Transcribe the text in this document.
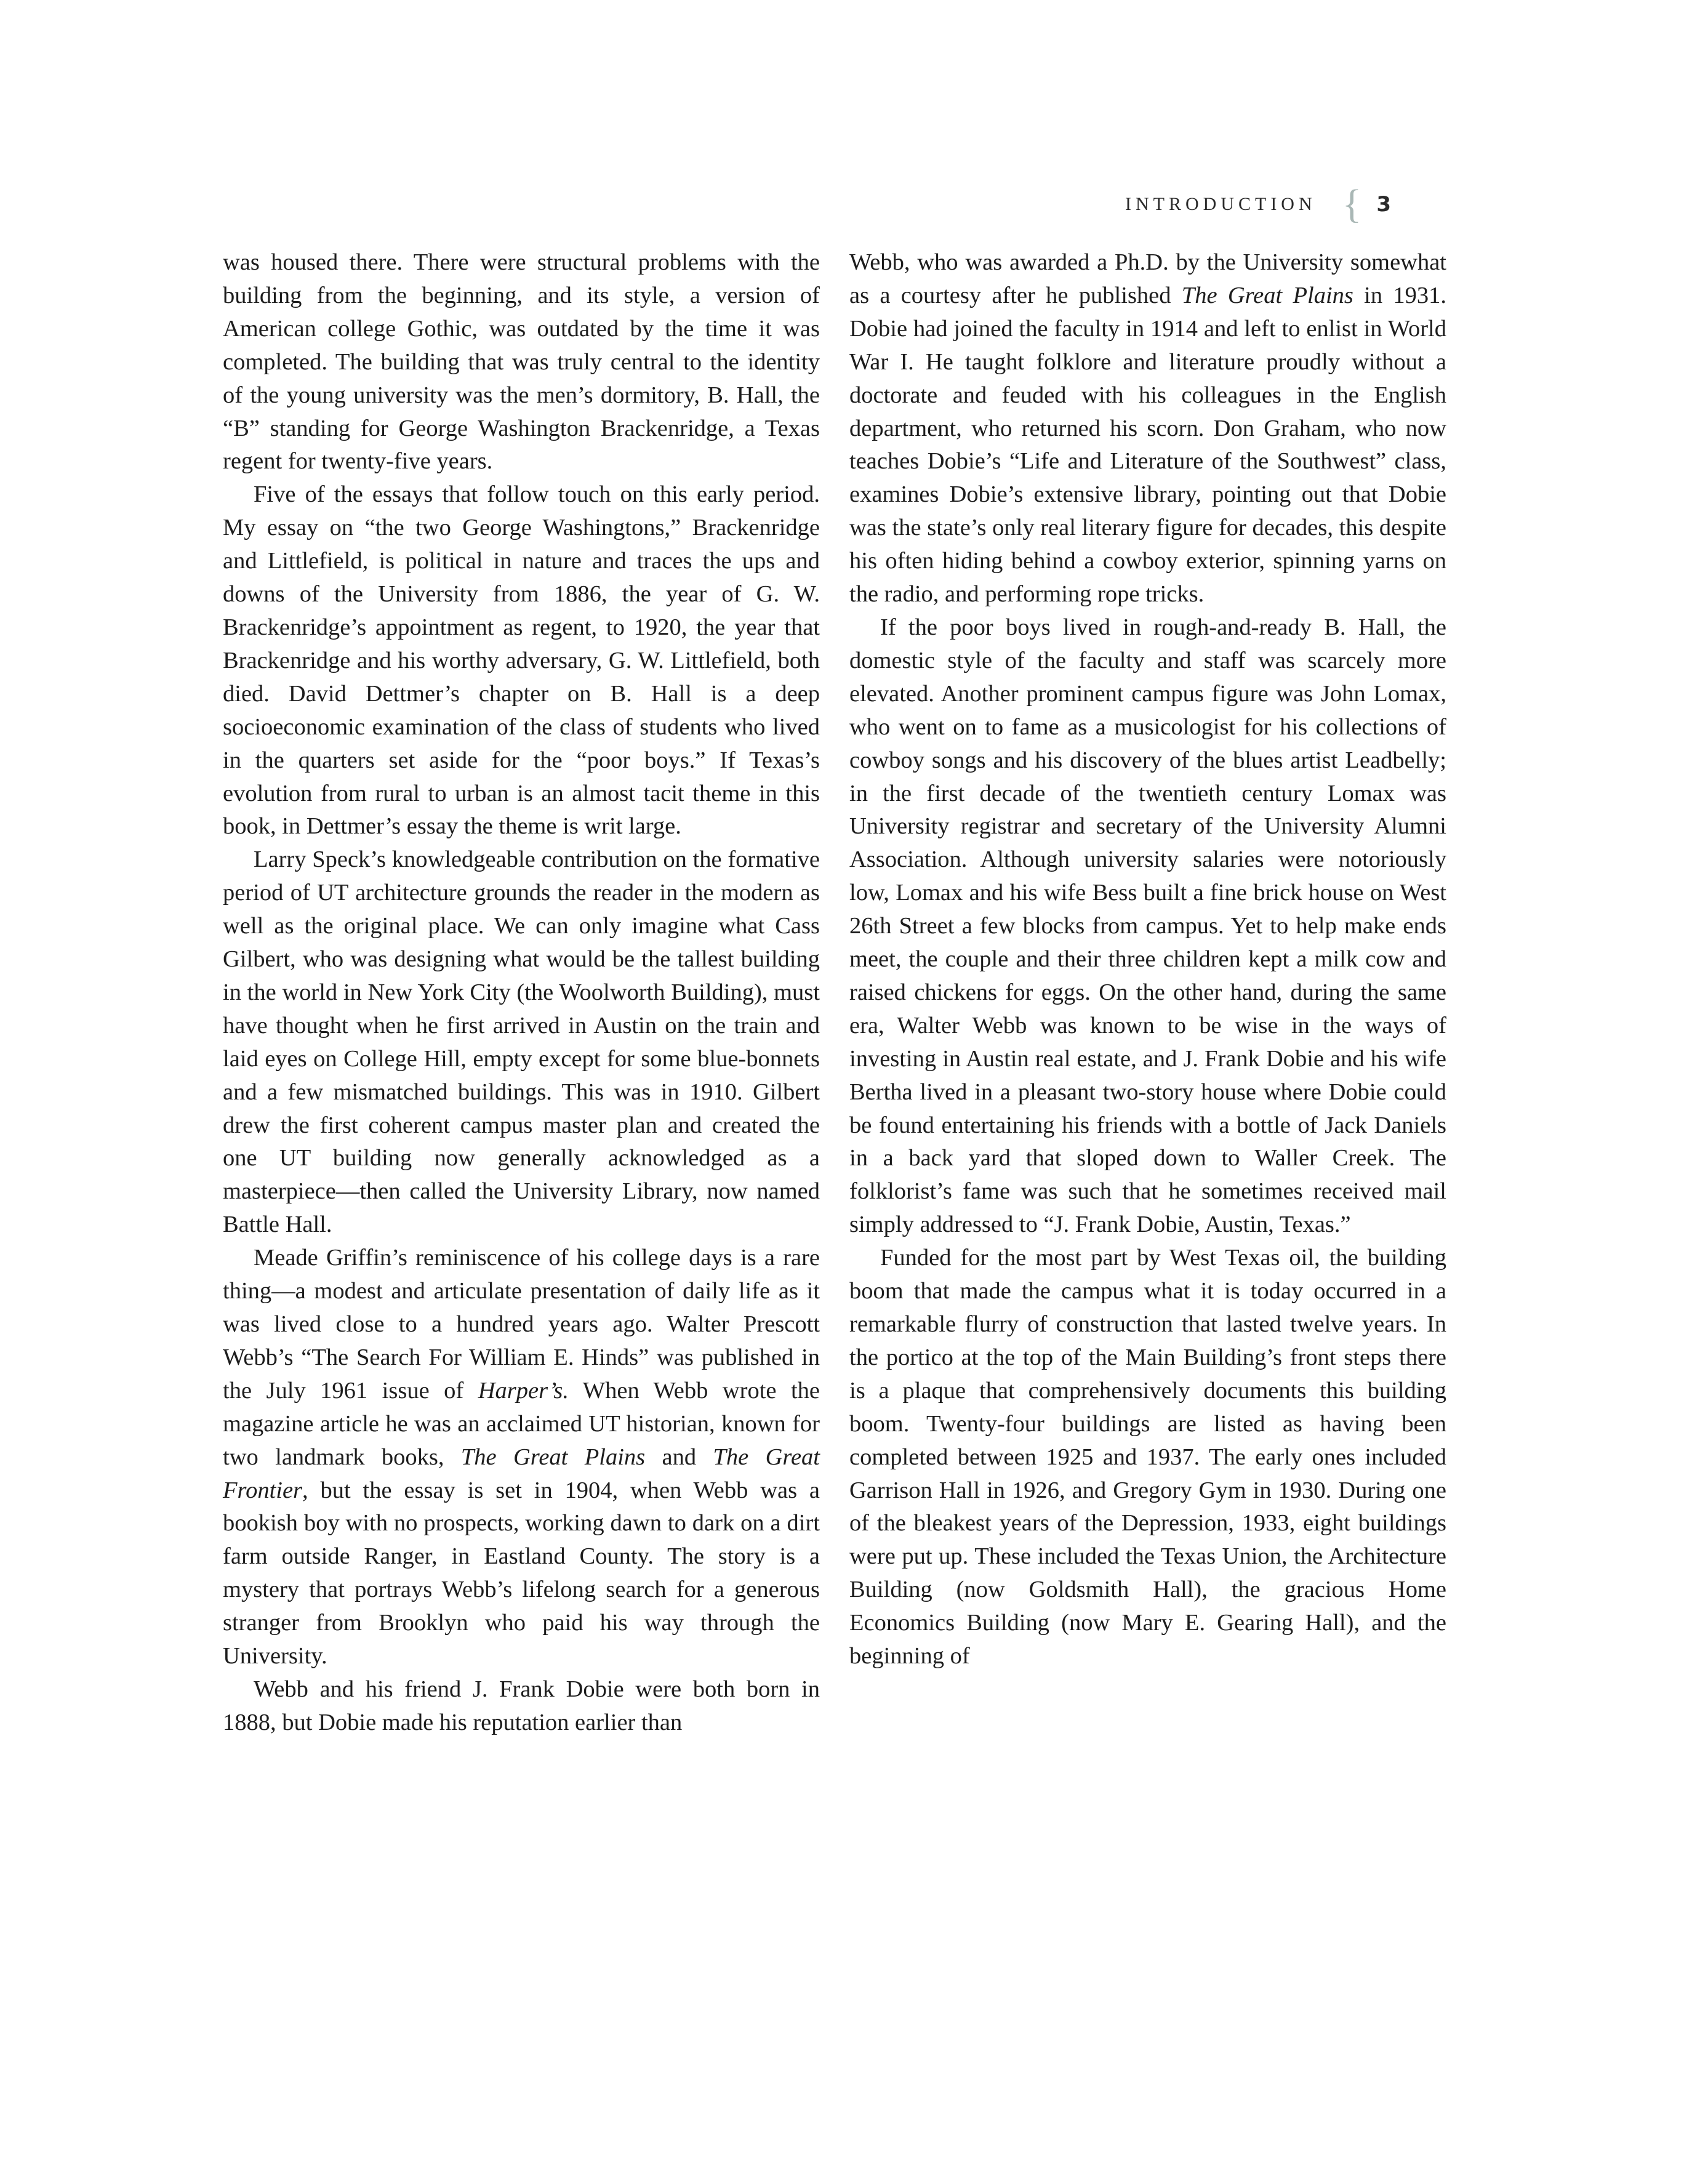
INTRODUCTION { 3

was housed there. There were structural problems with the building from the beginning, and its style, a version of American college Gothic, was outdated by the time it was completed. The building that was truly central to the identity of the young university was the men’s dormitory, B. Hall, the “B” standing for George Washington Brackenridge, a Texas regent for twenty-five years.

Five of the essays that follow touch on this early period. My essay on “the two George Washingtons,” Brackenridge and Littlefield, is political in nature and traces the ups and downs of the University from 1886, the year of G. W. Brackenridge’s appointment as regent, to 1920, the year that Brackenridge and his worthy adversary, G. W. Littlefield, both died. David Dettmer’s chapter on B. Hall is a deep socioeconomic examination of the class of students who lived in the quarters set aside for the “poor boys.” If Texas’s evolution from rural to urban is an almost tacit theme in this book, in Dettmer’s essay the theme is writ large.

Larry Speck’s knowledgeable contribution on the formative period of UT architecture grounds the reader in the modern as well as the original place. We can only imagine what Cass Gilbert, who was designing what would be the tallest building in the world in New York City (the Woolworth Building), must have thought when he first arrived in Austin on the train and laid eyes on College Hill, empty except for some blue-bonnets and a few mismatched buildings. This was in 1910. Gilbert drew the first coherent campus master plan and created the one UT building now generally acknowledged as a masterpiece—then called the University Library, now named Battle Hall.

Meade Griffin’s reminiscence of his college days is a rare thing—a modest and articulate presentation of daily life as it was lived close to a hundred years ago. Walter Prescott Webb’s “The Search For William E. Hinds” was published in the July 1961 issue of Harper’s. When Webb wrote the magazine article he was an acclaimed UT historian, known for two landmark books, The Great Plains and The Great Frontier, but the essay is set in 1904, when Webb was a bookish boy with no prospects, working dawn to dark on a dirt farm outside Ranger, in Eastland County. The story is a mystery that portrays Webb’s lifelong search for a generous stranger from Brooklyn who paid his way through the University.

Webb and his friend J. Frank Dobie were both born in 1888, but Dobie made his reputation earlier than

Webb, who was awarded a Ph.D. by the University somewhat as a courtesy after he published The Great Plains in 1931. Dobie had joined the faculty in 1914 and left to enlist in World War I. He taught folklore and literature proudly without a doctorate and feuded with his colleagues in the English department, who returned his scorn. Don Graham, who now teaches Dobie’s “Life and Literature of the Southwest” class, examines Dobie’s extensive library, pointing out that Dobie was the state’s only real literary figure for decades, this despite his often hiding behind a cowboy exterior, spinning yarns on the radio, and performing rope tricks.

If the poor boys lived in rough-and-ready B. Hall, the domestic style of the faculty and staff was scarcely more elevated. Another prominent campus figure was John Lomax, who went on to fame as a musicologist for his collections of cowboy songs and his discovery of the blues artist Leadbelly; in the first decade of the twentieth century Lomax was University registrar and secretary of the University Alumni Association. Although university salaries were notoriously low, Lomax and his wife Bess built a fine brick house on West 26th Street a few blocks from campus. Yet to help make ends meet, the couple and their three children kept a milk cow and raised chickens for eggs. On the other hand, during the same era, Walter Webb was known to be wise in the ways of investing in Austin real estate, and J. Frank Dobie and his wife Bertha lived in a pleasant two-story house where Dobie could be found entertaining his friends with a bottle of Jack Daniels in a back yard that sloped down to Waller Creek. The folklorist’s fame was such that he sometimes received mail simply addressed to “J. Frank Dobie, Austin, Texas.”

Funded for the most part by West Texas oil, the building boom that made the campus what it is today occurred in a remarkable flurry of construction that lasted twelve years. In the portico at the top of the Main Building’s front steps there is a plaque that comprehensively documents this building boom. Twenty-four buildings are listed as having been completed between 1925 and 1937. The early ones included Garrison Hall in 1926, and Gregory Gym in 1930. During one of the bleakest years of the Depression, 1933, eight buildings were put up. These included the Texas Union, the Architecture Building (now Goldsmith Hall), the gracious Home Economics Building (now Mary E. Gearing Hall), and the beginning of
